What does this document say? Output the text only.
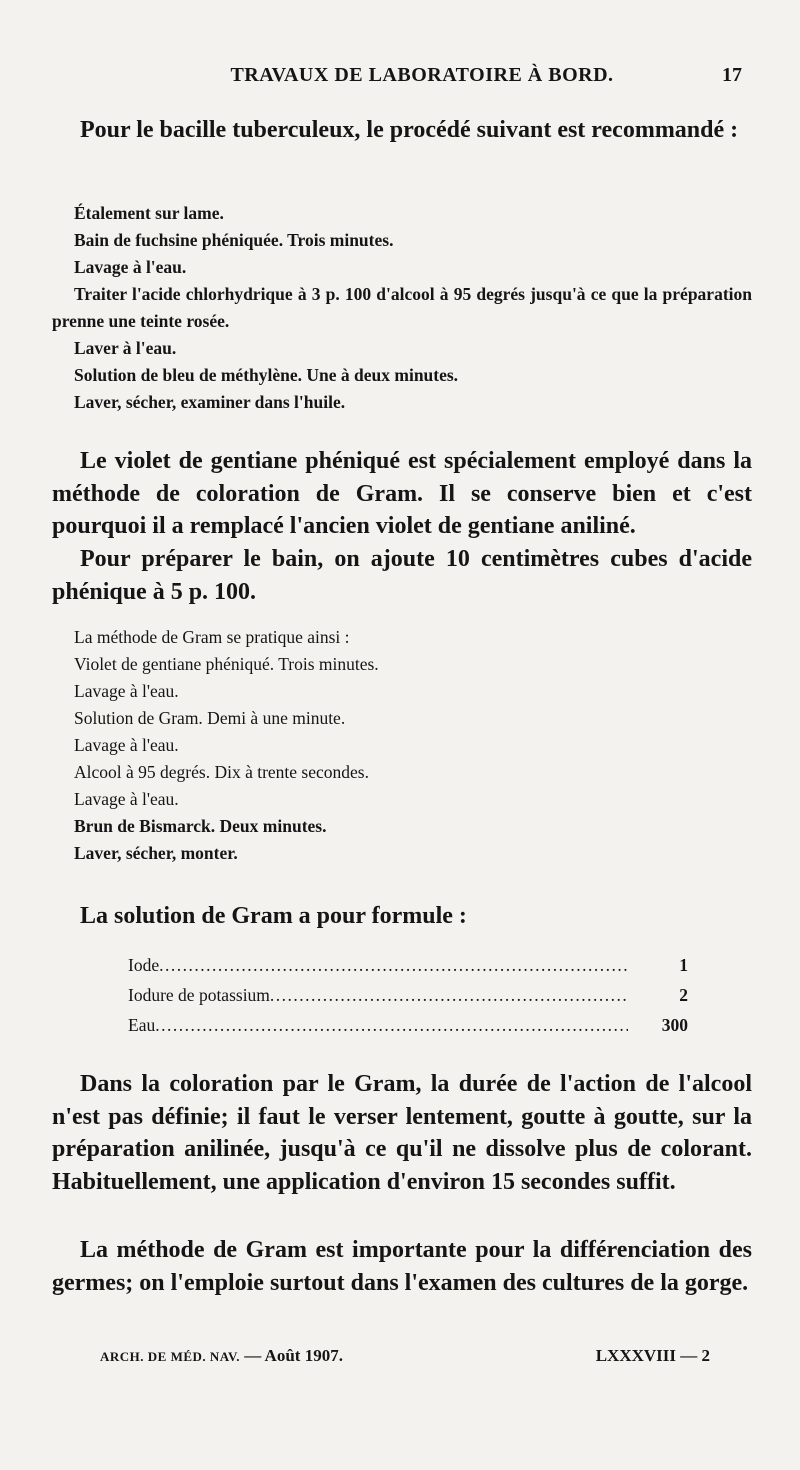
TRAVAUX DE LABORATOIRE À BORD.	17
Pour le bacille tuberculeux, le procédé suivant est recommandé :
Étalement sur lame.
Bain de fuchsine phéniquée. Trois minutes.
Lavage à l'eau.
Traiter l'acide chlorhydrique à 3 p. 100 d'alcool à 95 degrés jusqu'à ce que la préparation prenne une teinte rosée.
Laver à l'eau.
Solution de bleu de méthylène. Une à deux minutes.
Laver, sécher, examiner dans l'huile.
Le violet de gentiane phéniqué est spécialement employé dans la méthode de coloration de Gram. Il se conserve bien et c'est pourquoi il a remplacé l'ancien violet de gentiane aniliné.
Pour préparer le bain, on ajoute 10 centimètres cubes d'acide phénique à 5 p. 100.
La méthode de Gram se pratique ainsi :
Violet de gentiane phéniqué. Trois minutes.
Lavage à l'eau.
Solution de Gram. Demi à une minute.
Lavage à l'eau.
Alcool à 95 degrés. Dix à trente secondes.
Lavage à l'eau.
Brun de Bismarck. Deux minutes.
Laver, sécher, monter.
La solution de Gram a pour formule :
Iode .....	1
Iodure de potassium .....	2
Eau .....	300
Dans la coloration par le Gram, la durée de l'action de l'alcool n'est pas définie; il faut le verser lentement, goutte à goutte, sur la préparation anilinée, jusqu'à ce qu'il ne dissolve plus de colorant. Habituellement, une application d'environ 15 secondes suffit.
La méthode de Gram est importante pour la différenciation des germes; on l'emploie surtout dans l'examen des cultures de la gorge.
ARCH. DE MÉD. NAV. — Août 1907.	LXXXVIII — 2
